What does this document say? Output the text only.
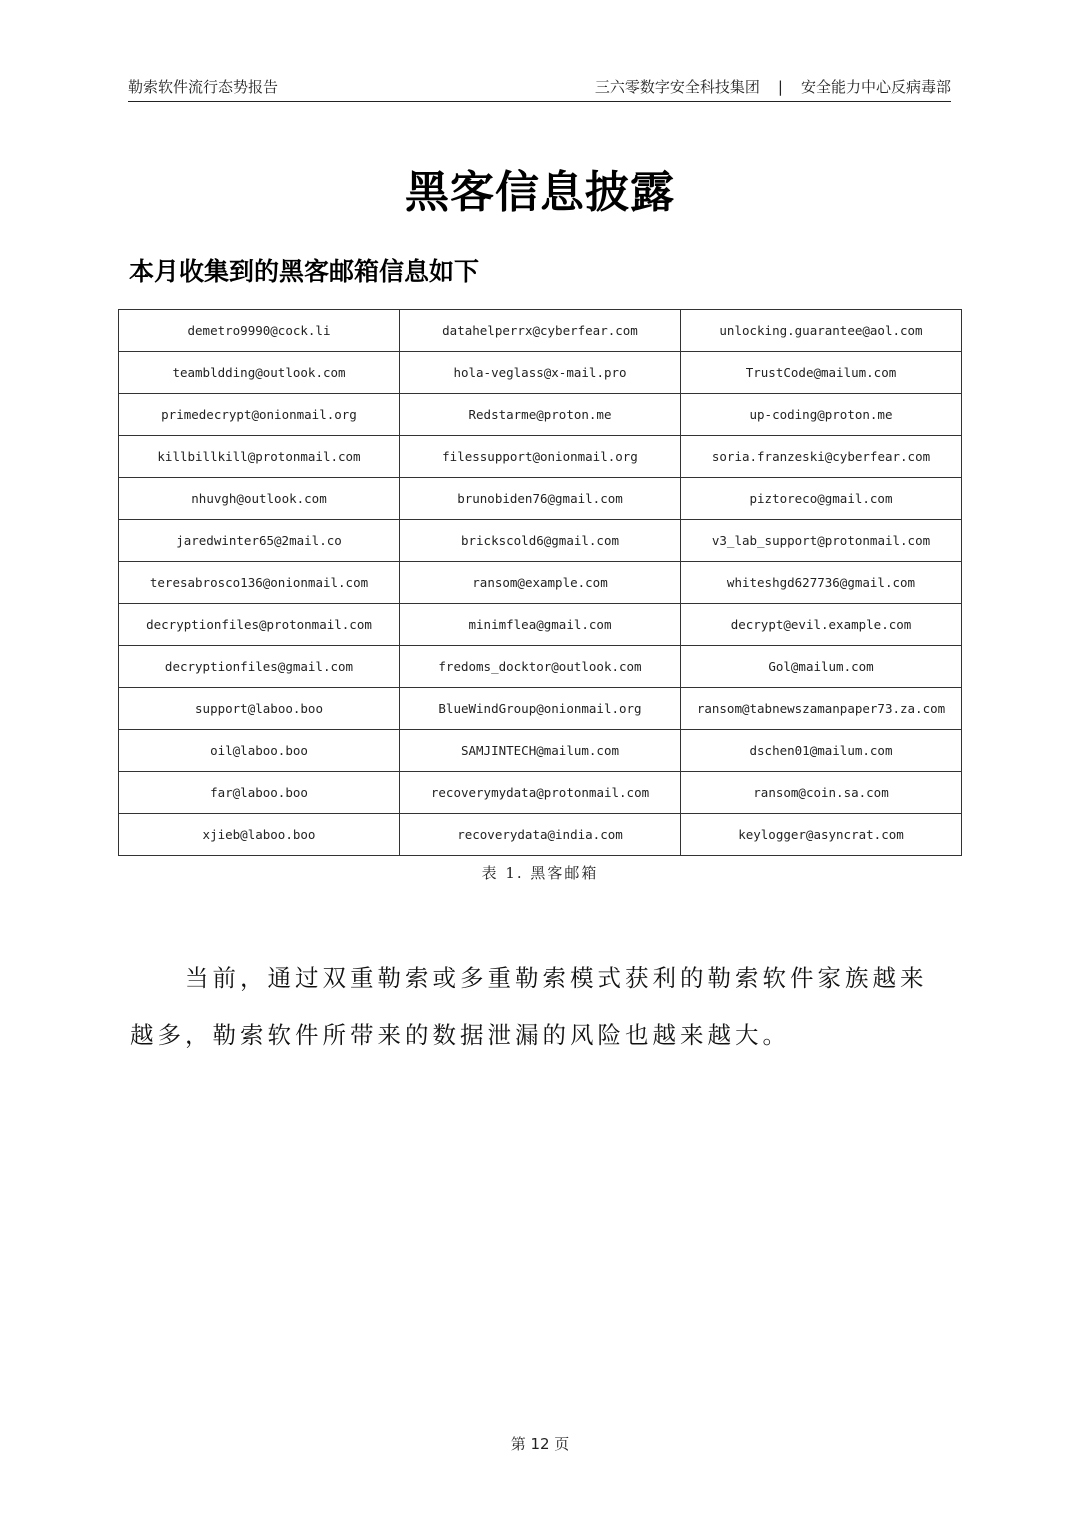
勒索软件流行态势报告	三六零数字安全科技集团 | 安全能力中心反病毒部
黑客信息披露
本月收集到的黑客邮箱信息如下
demetro9990@cock.li	datahelperrx@cyberfear.com	unlocking.guarantee@aol.com
teambldding@outlook.com	hola-veglass@x-mail.pro	TrustCode@mailum.com
primedecrypt@onionmail.org	Redstarme@proton.me	up-coding@proton.me
killbillkill@protonmail.com	filessupport@onionmail.org	soria.franzeski@cyberfear.com
nhuvgh@outlook.com	brunobiden76@gmail.com	piztoreco@gmail.com
jaredwinter65@2mail.co	brickscold6@gmail.com	v3_lab_support@protonmail.com
teresabrosco136@onionmail.com	ransom@example.com	whiteshgd627736@gmail.com
decryptionfiles@protonmail.com	minimflea@gmail.com	decrypt@evil.example.com
decryptionfiles@gmail.com	fredoms_docktor@outlook.com	Gol@mailum.com
support@laboo.boo	BlueWindGroup@onionmail.org	ransom@tabnewszamanpaper73.za.com
oil@laboo.boo	SAMJINTECH@mailum.com	dschen01@mailum.com
far@laboo.boo	recoverymydata@protonmail.com	ransom@coin.sa.com
xjieb@laboo.boo	recoverydata@india.com	keylogger@asyncrat.com
表 1. 黑客邮箱

当前，通过双重勒索或多重勒索模式获利的勒索软件家族越来越多，勒索软件所带来的数据泄漏的风险也越来越大。

第 12 页
